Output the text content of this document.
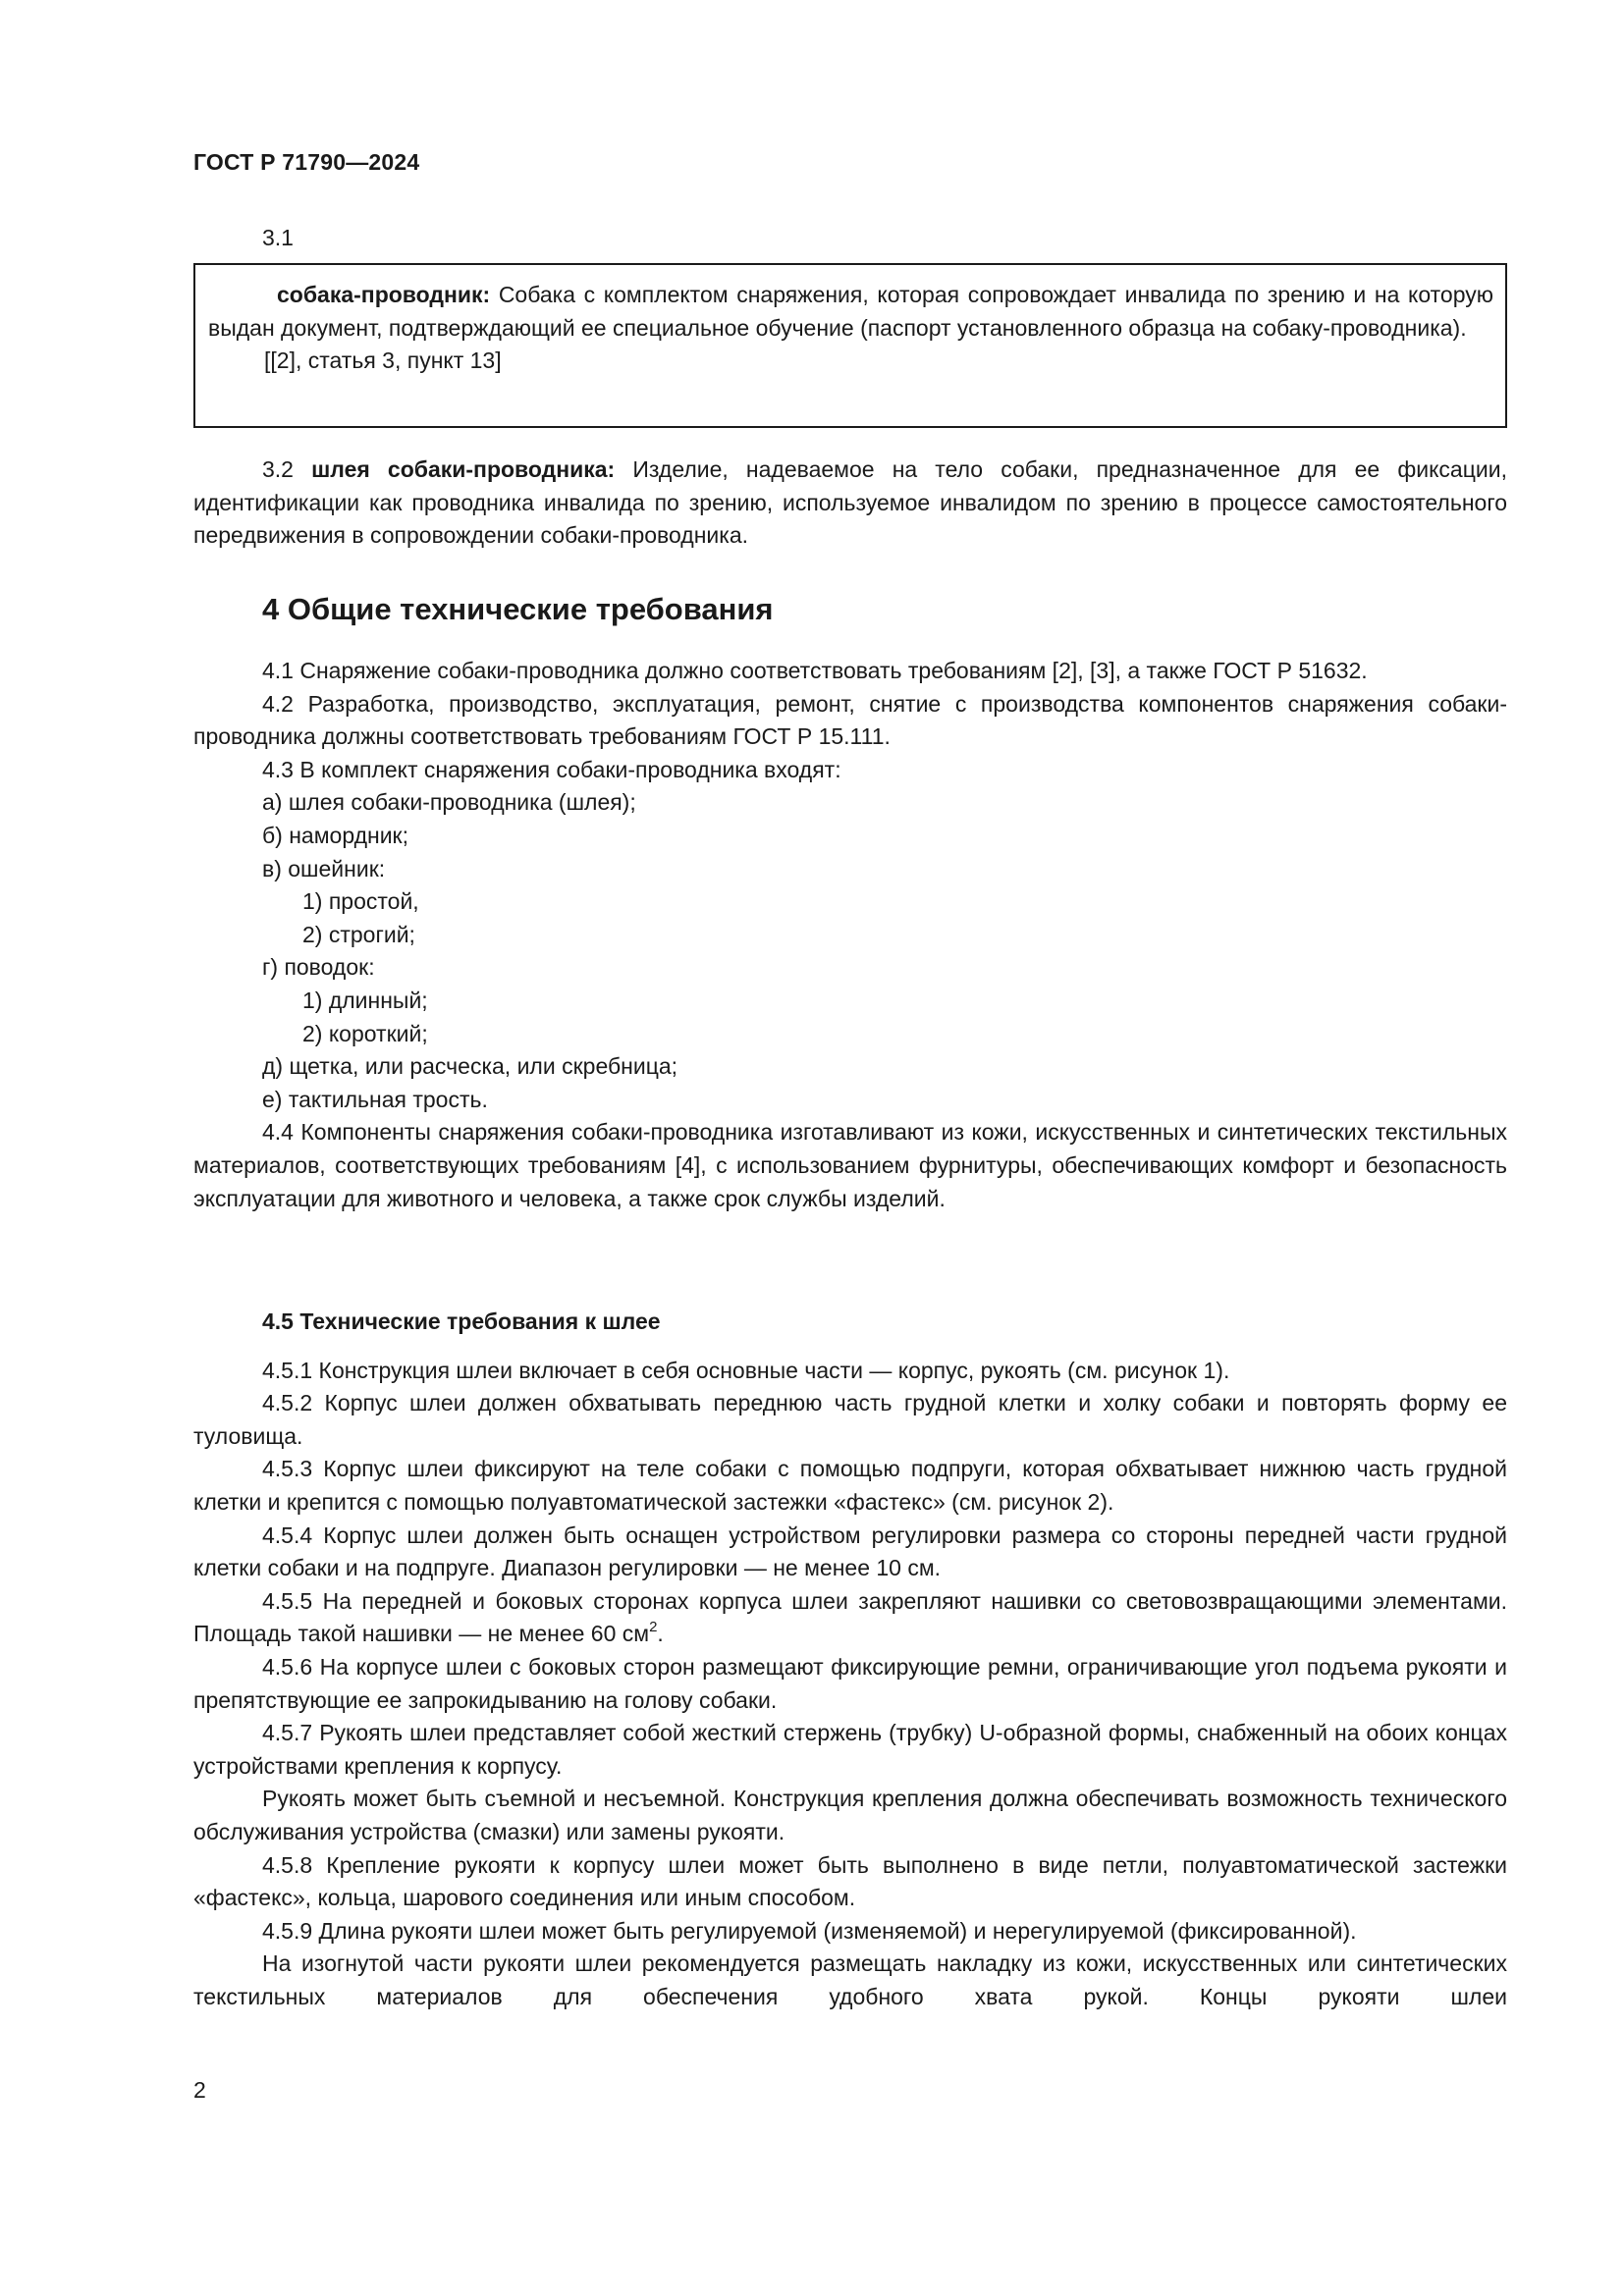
ГОСТ Р 71790—2024
3.1

собака-проводник: Собака с комплектом снаряжения, которая сопровождает инвалида по зрению и на которую выдан документ, подтверждающий ее специальное обучение (паспорт установленного образца на собаку-проводника).

[[2], статья 3, пункт 13]

3.2 шлея собаки-проводника: Изделие, надеваемое на тело собаки, предназначенное для ее фиксации, идентификации как проводника инвалида по зрению, используемое инвалидом по зрению в процессе самостоятельного передвижения в сопровождении собаки-проводника.

4 Общие технические требования

4.1 Снаряжение собаки-проводника должно соответствовать требованиям [2], [3], а также ГОСТ Р 51632.

4.2 Разработка, производство, эксплуатация, ремонт, снятие с производства компонентов снаряжения собаки-проводника должны соответствовать требованиям ГОСТ Р 15.111.

4.3 В комплект снаряжения собаки-проводника входят:

а) шлея собаки-проводника (шлея);
б) намордник;
в) ошейник:
1) простой,
2) строгий;
г) поводок:
1) длинный;
2) короткий;
д) щетка, или расческа, или скребница;
е) тактильная трость.

4.4 Компоненты снаряжения собаки-проводника изготавливают из кожи, искусственных и синтетических текстильных материалов, соответствующих требованиям [4], с использованием фурнитуры, обеспечивающих комфорт и безопасность эксплуатации для животного и человека, а также срок службы изделий.

4.5 Технические требования к шлее

4.5.1 Конструкция шлеи включает в себя основные части — корпус, рукоять (см. рисунок 1).

4.5.2 Корпус шлеи должен обхватывать переднюю часть грудной клетки и холку собаки и повторять форму ее туловища.

4.5.3 Корпус шлеи фиксируют на теле собаки с помощью подпруги, которая обхватывает нижнюю часть грудной клетки и крепится с помощью полуавтоматической застежки «фастекс» (см. рисунок 2).

4.5.4 Корпус шлеи должен быть оснащен устройством регулировки размера со стороны передней части грудной клетки собаки и на подпруге. Диапазон регулировки — не менее 10 см.

4.5.5 На передней и боковых сторонах корпуса шлеи закрепляют нашивки со световозвращающими элементами. Площадь такой нашивки — не менее 60 $см^2$.

4.5.6 На корпусе шлеи с боковых сторон размещают фиксирующие ремни, ограничивающие угол подъема рукояти и препятствующие ее запрокидыванию на голову собаки.

4.5.7 Рукоять шлеи представляет собой жесткий стержень (трубку) U-образной формы, снабженный на обоих концах устройствами крепления к корпусу.

Рукоять может быть съемной и несъемной. Конструкция крепления должна обеспечивать возможность технического обслуживания устройства (смазки) или замены рукояти.

4.5.8 Крепление рукояти к корпусу шлеи может быть выполнено в виде петли, полуавтоматической застежки «фастекс», кольца, шарового соединения или иным способом.

4.5.9 Длина рукояти шлеи может быть регулируемой (изменяемой) и нерегулируемой (фиксированной).

На изогнутой части рукояти шлеи рекомендуется размещать накладку из кожи, искусственных или синтетических текстильных материалов для обеспечения удобного хвата рукой. Концы рукояти шлеи

2
